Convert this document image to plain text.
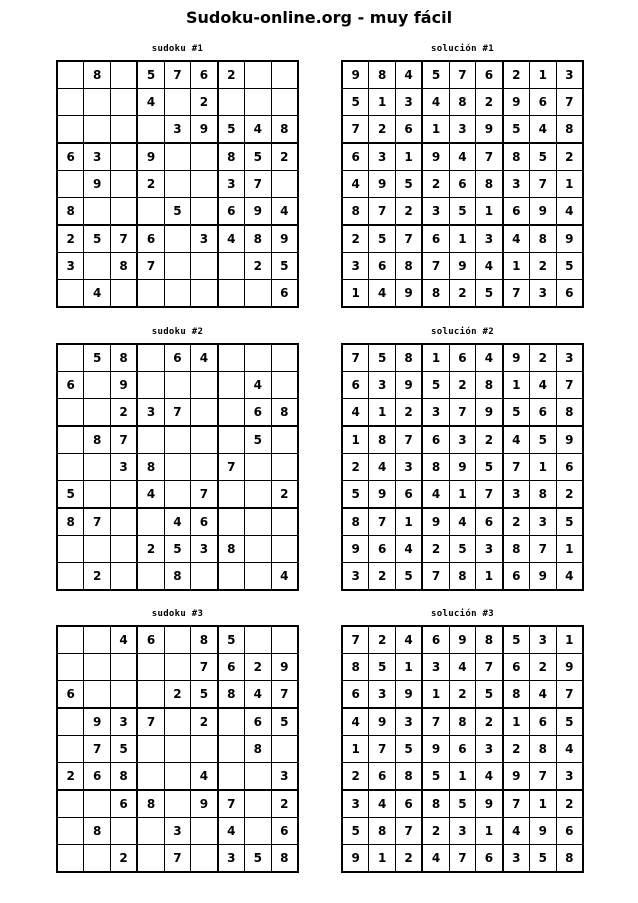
Sudoku-online.org - muy fácil
sudoku #1
	8		5	7	6	2		
			4		2			
				3	9	5	4	8
6	3		9			8	5	2
	9		2			3	7	
8				5		6	9	4
2	5	7	6		3	4	8	9
3		8	7				2	5
	4							6
solución #1
9	8	4	5	7	6	2	1	3
5	1	3	4	8	2	9	6	7
7	2	6	1	3	9	5	4	8
6	3	1	9	4	7	8	5	2
4	9	5	2	6	8	3	7	1
8	7	2	3	5	1	6	9	4
2	5	7	6	1	3	4	8	9
3	6	8	7	9	4	1	2	5
1	4	9	8	2	5	7	3	6
sudoku #2
	5	8		6	4			
6		9					4	
		2	3	7			6	8
	8	7					5	
		3	8			7		
5			4		7			2
8	7			4	6			
			2	5	3	8		
	2			8				4
solución #2
7	5	8	1	6	4	9	2	3
6	3	9	5	2	8	1	4	7
4	1	2	3	7	9	5	6	8
1	8	7	6	3	2	4	5	9
2	4	3	8	9	5	7	1	6
5	9	6	4	1	7	3	8	2
8	7	1	9	4	6	2	3	5
9	6	4	2	5	3	8	7	1
3	2	5	7	8	1	6	9	4
sudoku #3
		4	6		8	5		
					7	6	2	9
6				2	5	8	4	7
	9	3	7		2		6	5
	7	5					8	
2	6	8			4			3
		6	8		9	7		2
	8			3		4		6
		2		7		3	5	8
solución #3
7	2	4	6	9	8	5	3	1
8	5	1	3	4	7	6	2	9
6	3	9	1	2	5	8	4	7
4	9	3	7	8	2	1	6	5
1	7	5	9	6	3	2	8	4
2	6	8	5	1	4	9	7	3
3	4	6	8	5	9	7	1	2
5	8	7	2	3	1	4	9	6
9	1	2	4	7	6	3	5	8
